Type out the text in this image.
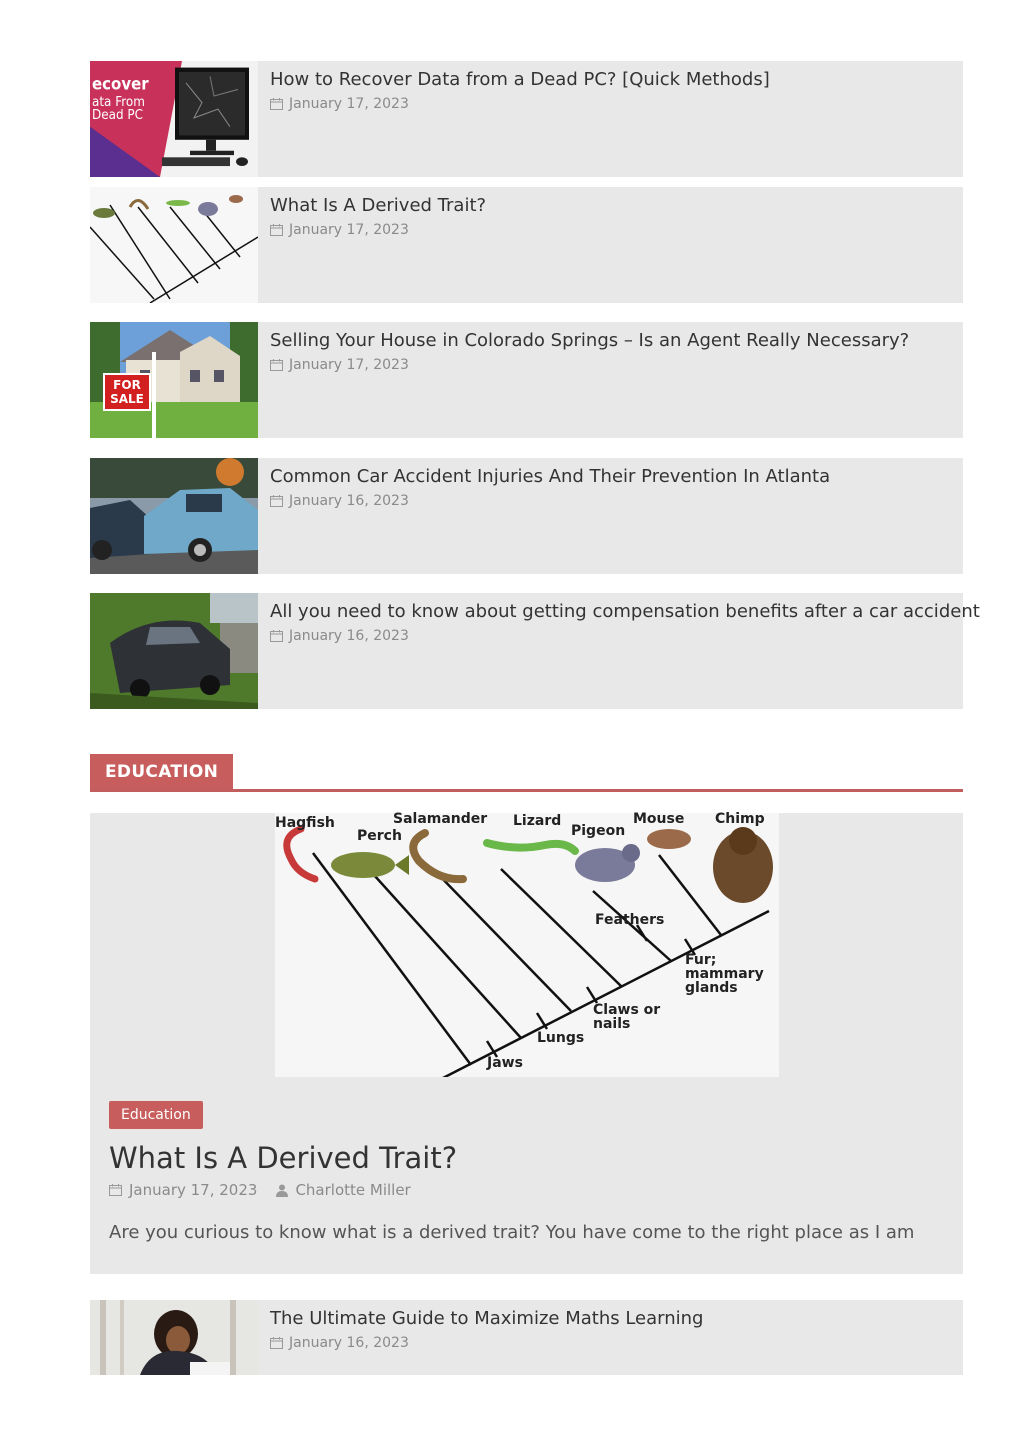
ecover
ata From
Dead PC
How to Recover Data from a Dead PC? [Quick Methods]
January 17, 2023
What Is A Derived Trait?
January 17, 2023
FOR
SALE
Selling Your House in Colorado Springs – Is an Agent Really Necessary?
January 17, 2023
Common Car Accident Injuries And Their Prevention In Atlanta
January 16, 2023
All you need to know about getting compensation benefits after a car accident
January 16, 2023
EDUCATION
Hagfish
Perch
Salamander Lizard
Pigeon
Mouse Chimp
Jaws
Lungs
Claws or nails
Feathers
Fur; mammary glands
Education
What Is A Derived Trait?
January 17, 2023	Charlotte Miller
Are you curious to know what is a derived trait? You have come to the right place as I am
The Ultimate Guide to Maximize Maths Learning
January 16, 2023
